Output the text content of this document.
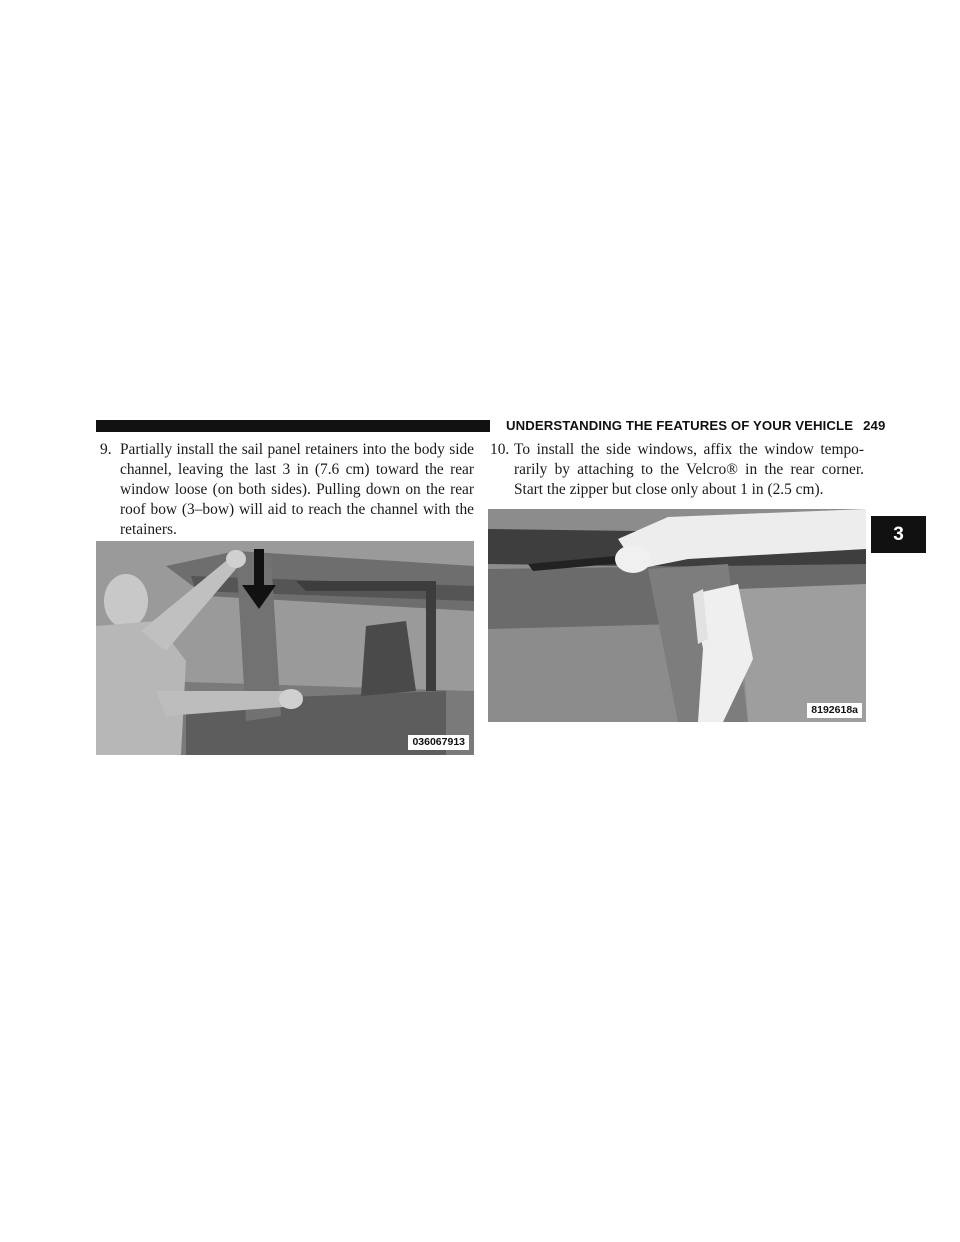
UNDERSTANDING THE FEATURES OF YOUR VEHICLE 249
3
9. Partially install the sail panel retainers into the body side channel, leaving the last 3 in (7.6 cm) toward the rear window loose (on both sides). Pulling down on the rear roof bow (3–bow) will aid to reach the channel with the retainers.
10. To install the side windows, affix the window tempo- rarily by attaching to the Velcro® in the rear corner. Start the zipper but close only about 1 in (2.5 cm).
036067913
8192618a
